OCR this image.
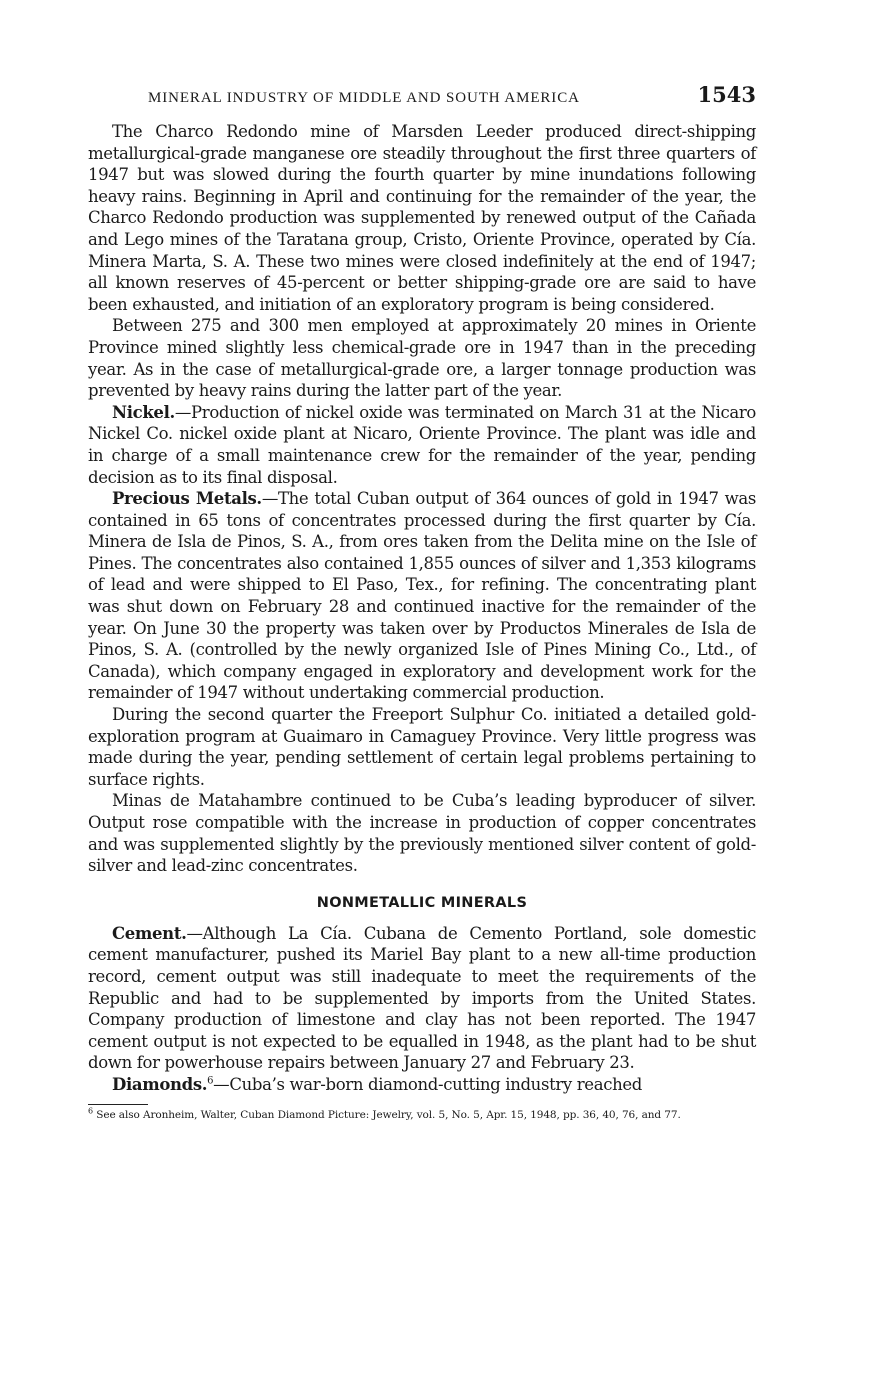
MINERAL INDUSTRY OF MIDDLE AND SOUTH AMERICA	1543

The Charco Redondo mine of Marsden Leeder produced direct-shipping metallurgical-grade manganese ore steadily throughout the first three quarters of 1947 but was slowed during the fourth quarter by mine inundations following heavy rains. Beginning in April and continuing for the remainder of the year, the Charco Redondo production was supplemented by renewed output of the Cañada and Lego mines of the Taratana group, Cristo, Oriente Province, operated by Cía. Minera Marta, S. A. These two mines were closed indefinitely at the end of 1947; all known reserves of 45-percent or better shipping-grade ore are said to have been exhausted, and initiation of an exploratory program is being considered.

Between 275 and 300 men employed at approximately 20 mines in Oriente Province mined slightly less chemical-grade ore in 1947 than in the preceding year. As in the case of metallurgical-grade ore, a larger tonnage production was prevented by heavy rains during the latter part of the year.

Nickel.—Production of nickel oxide was terminated on March 31 at the Nicaro Nickel Co. nickel oxide plant at Nicaro, Oriente Province. The plant was idle and in charge of a small maintenance crew for the remainder of the year, pending decision as to its final disposal.

Precious Metals.—The total Cuban output of 364 ounces of gold in 1947 was contained in 65 tons of concentrates processed during the first quarter by Cía. Minera de Isla de Pinos, S. A., from ores taken from the Delita mine on the Isle of Pines. The concentrates also contained 1,855 ounces of silver and 1,353 kilograms of lead and were shipped to El Paso, Tex., for refining. The concentrating plant was shut down on February 28 and continued inactive for the remainder of the year. On June 30 the property was taken over by Productos Minerales de Isla de Pinos, S. A. (controlled by the newly organized Isle of Pines Mining Co., Ltd., of Canada), which company engaged in exploratory and development work for the remainder of 1947 without undertaking commercial production.

During the second quarter the Freeport Sulphur Co. initiated a detailed gold-exploration program at Guaimaro in Camaguey Province. Very little progress was made during the year, pending settlement of certain legal problems pertaining to surface rights.

Minas de Matahambre continued to be Cuba’s leading byproducer of silver. Output rose compatible with the increase in production of copper concentrates and was supplemented slightly by the previously mentioned silver content of gold-silver and lead-zinc concentrates.

NONMETALLIC MINERALS

Cement.—Although La Cía. Cubana de Cemento Portland, sole domestic cement manufacturer, pushed its Mariel Bay plant to a new all-time production record, cement output was still inadequate to meet the requirements of the Republic and had to be supplemented by imports from the United States. Company production of limestone and clay has not been reported. The 1947 cement output is not expected to be equalled in 1948, as the plant had to be shut down for powerhouse repairs between January 27 and February 23.

Diamonds.$^6$—Cuba’s war-born diamond-cutting industry reached

$^6$ See also Aronheim, Walter, Cuban Diamond Picture: Jewelry, vol. 5, No. 5, Apr. 15, 1948, pp. 36, 40, 76, and 77.
